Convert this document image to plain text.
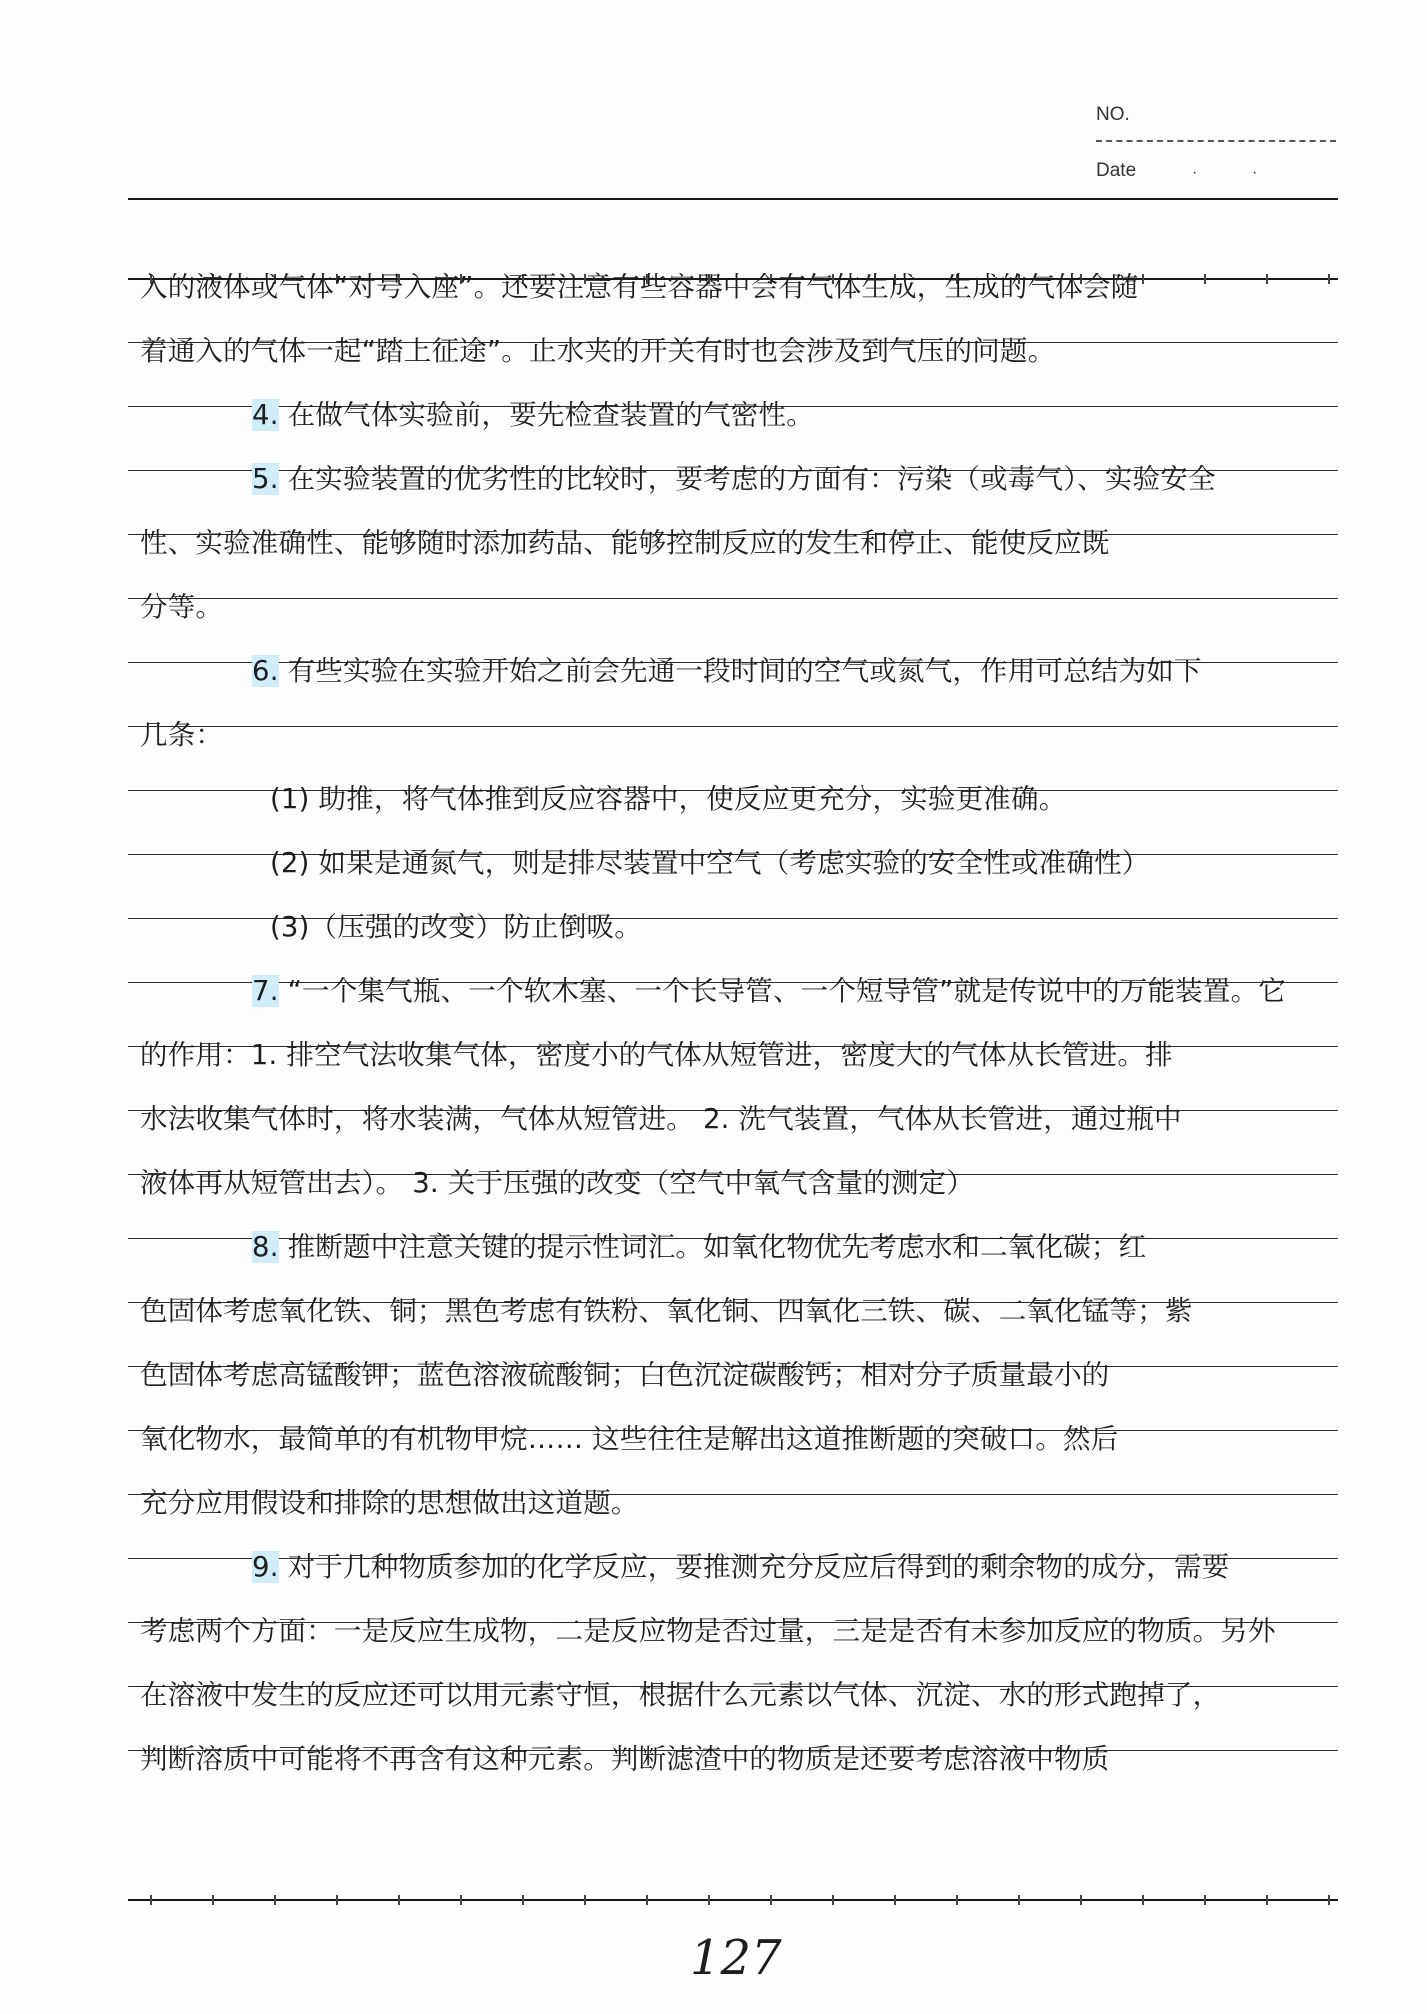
NO.
Date	·	·
入的液体或气体“对号入座”。还要注意有些容器中会有气体生成，生成的气体会随
着通入的气体一起“踏上征途”。止水夹的开关有时也会涉及到气压的问题。
4. 在做气体实验前，要先检查装置的气密性。
5. 在实验装置的优劣性的比较时，要考虑的方面有：污染（或毒气）、实验安全
性、实验准确性、能够随时添加药品、能够控制反应的发生和停止、能使反应既
分等。
6. 有些实验在实验开始之前会先通一段时间的空气或氮气，作用可总结为如下
几条：
(1) 助推，将气体推到反应容器中，使反应更充分，实验更准确。
(2) 如果是通氮气，则是排尽装置中空气（考虑实验的安全性或准确性）
(3)（压强的改变）防止倒吸。
7. “一个集气瓶、一个软木塞、一个长导管、一个短导管”就是传说中的万能装置。它
的作用：1. 排空气法收集气体，密度小的气体从短管进，密度大的气体从长管进。排
水法收集气体时，将水装满，气体从短管进。 2. 洗气装置，气体从长管进，通过瓶中
液体再从短管出去）。 3. 关于压强的改变（空气中氧气含量的测定）
8. 推断题中注意关键的提示性词汇。如氧化物优先考虑水和二氧化碳；红
色固体考虑氧化铁、铜；黑色考虑有铁粉、氧化铜、四氧化三铁、碳、二氧化锰等；紫
色固体考虑高锰酸钾；蓝色溶液硫酸铜；白色沉淀碳酸钙；相对分子质量最小的
氧化物水，最简单的有机物甲烷…… 这些往往是解出这道推断题的突破口。然后
充分应用假设和排除的思想做出这道题。
9. 对于几种物质参加的化学反应，要推测充分反应后得到的剩余物的成分，需要
考虑两个方面：一是反应生成物，二是反应物是否过量，三是是否有未参加反应的物质。另外
在溶液中发生的反应还可以用元素守恒，根据什么元素以气体、沉淀、水的形式跑掉了，
判断溶质中可能将不再含有这种元素。判断滤渣中的物质是还要考虑溶液中物质
127
